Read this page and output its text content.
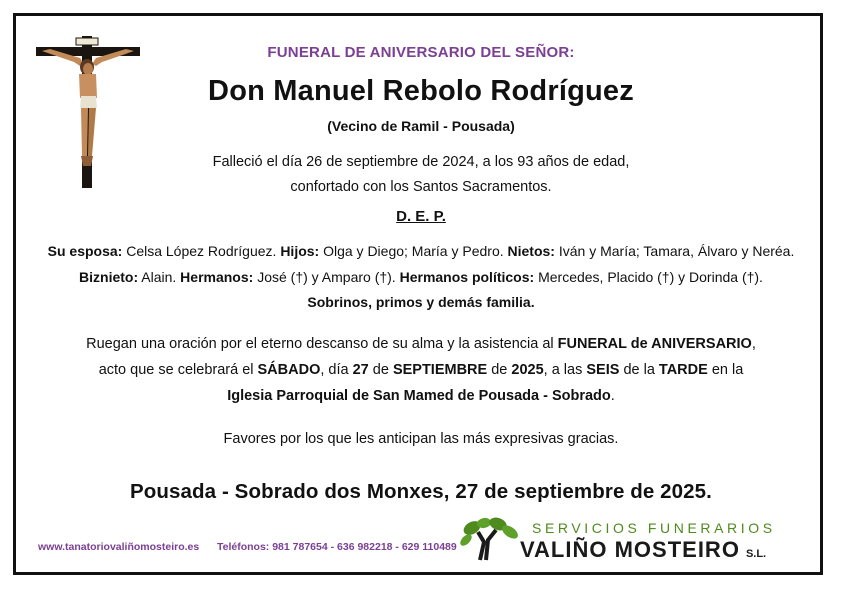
FUNERAL DE ANIVERSARIO DEL SEÑOR:
Don Manuel Rebolo Rodríguez
(Vecino de Ramil - Pousada)
Falleció el día 26 de septiembre de 2024, a los 93 años de edad,
confortado con los Santos Sacramentos.
D. E. P.
Su esposa: Celsa López Rodríguez. Hijos: Olga y Diego; María y Pedro. Nietos: Iván y María; Tamara, Álvaro y Neréa.
Biznieto: Alain. Hermanos: José (†) y Amparo (†). Hermanos políticos: Mercedes, Placido (†) y Dorinda (†).
Sobrinos, primos y demás familia.
Ruegan una oración por el eterno descanso de su alma y la asistencia al FUNERAL de ANIVERSARIO,
acto que se celebrará el SÁBADO, día 27 de SEPTIEMBRE de 2025, a las SEIS de la TARDE en la
Iglesia Parroquial de San Mamed de Pousada - Sobrado.
Favores por los que les anticipan las más expresivas gracias.
Pousada - Sobrado dos Monxes, 27 de septiembre de 2025.
www.tanatoriovaliñomosteiro.es Teléfonos: 981 787654 - 636 982218 - 629 110489
SERVICIOS FUNERARIOS
VALIÑO MOSTEIRO S.L.
